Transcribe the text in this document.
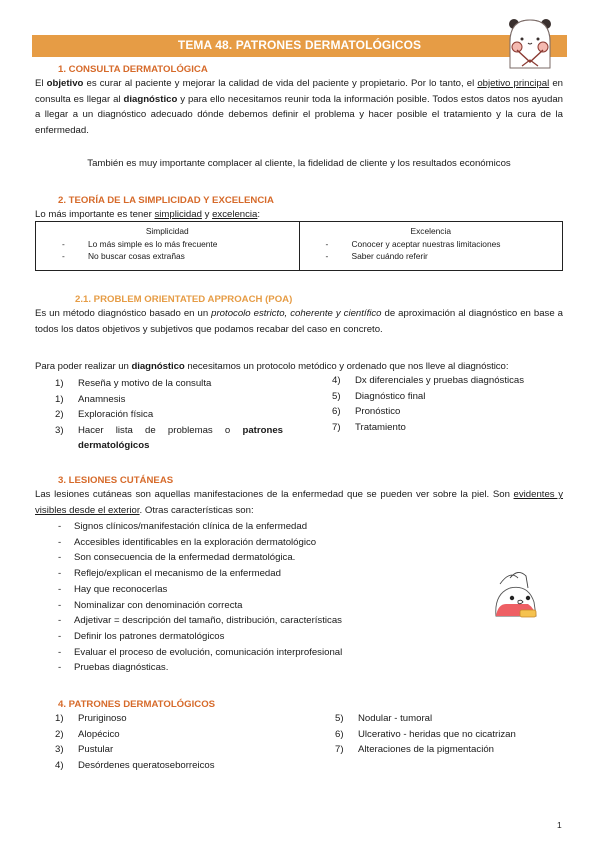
TEMA 48. PATRONES DERMATOLÓGICOS
1. CONSULTA DERMATOLÓGICA

El objetivo es curar al paciente y mejorar la calidad de vida del paciente y propietario. Por lo tanto, el objetivo principal en consulta es llegar al diagnóstico y para ello necesitamos reunir toda la información posible. Todos estos datos nos ayudan a llegar a un diagnóstico adecuado dónde debemos definir el problema y hacer posible el tratamiento y la cura de la enfermedad.

También es muy importante complacer al cliente, la fidelidad de cliente y los resultados económicos

2. TEORÍA DE LA SIMPLICIDAD Y EXCELENCIA

Lo más importante es tener simplicidad y excelencia:

Simplicidad
-	Lo más simple es lo más frecuente
-	No buscar cosas extrañas
Excelencia
-	Conocer y aceptar nuestras limitaciones
-	Saber cuándo referir
2.1. PROBLEM ORIENTATED APPROACH (POA)

Es un método diagnóstico basado en un protocolo estricto, coherente y científico de aproximación al diagnóstico en base a todos los datos objetivos y subjetivos que podamos recabar del caso en concreto.

Para poder realizar un diagnóstico necesitamos un protocolo metódico y ordenado que nos lleve al diagnóstico:

1)	Reseña y motivo de la consulta
1)	Anamnesis
2)	Exploración física
3)	Hacer lista de problemas o patrones
dermatológicos
4)	Dx diferenciales y pruebas diagnósticas
5)	Diagnóstico final
6)	Pronóstico
7)	Tratamiento
3. LESIONES CUTÁNEAS

Las lesiones cutáneas son aquellas manifestaciones de la enfermedad que se pueden ver sobre la piel. Son evidentes y visibles desde el exterior. Otras características son:

-	Signos clínicos/manifestación clínica de la enfermedad
-	Accesibles identificables en la exploración dermatológico
-	Son consecuencia de la enfermedad dermatológica.
-	Reflejo/explican el mecanismo de la enfermedad
-	Hay que reconocerlas
-	Nominalizar con denominación correcta
-	Adjetivar = descripción del tamaño, distribución, características
-	Definir los patrones dermatológicos
-	Evaluar el proceso de evolución, comunicación interprofesional
-	Pruebas diagnósticas.
4. PATRONES DERMATOLÓGICOS
1)	Pruriginoso
2)	Alopécico
3)	Pustular
4)	Desórdenes queratoseborreicos
5)	Nodular - tumoral
6)	Ulcerativo - heridas que no cicatrizan
7)	Alteraciones de la pigmentación
1
